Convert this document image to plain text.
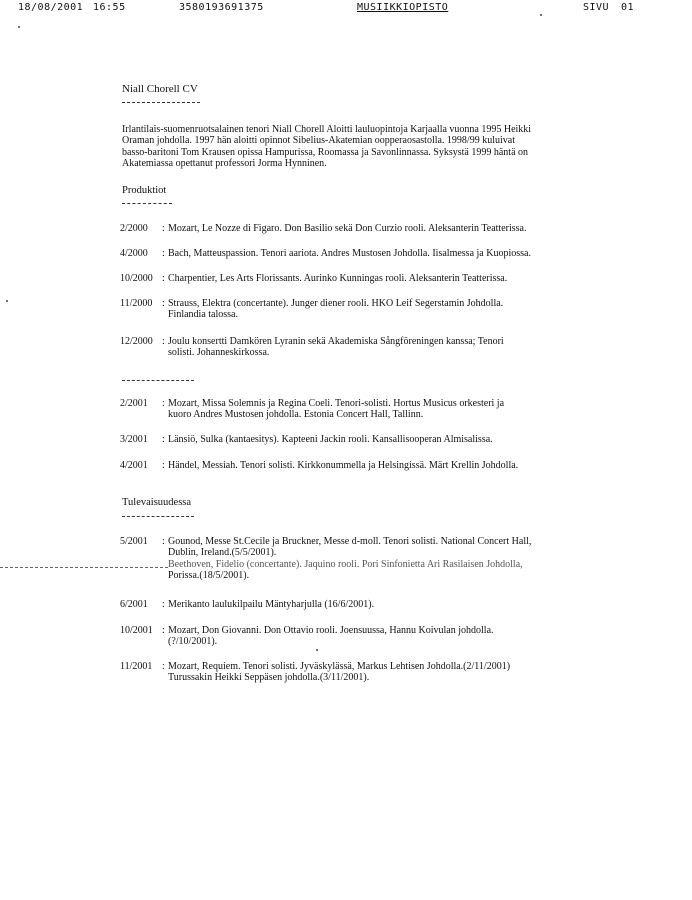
18/08/2001 16:55	3580193691375	MUSIIKKIOPISTO	SIVU 01
Niall Chorell CV
Irlantilais-suomenruotsalainen tenori Niall Chorell Aloitti lauluopintoja Karjaalla vuonna 1995 Heikki
Oraman johdolla. 1997 hän aloitti opinnot Sibelius-Akatemian oopperaosastolla. 1998/99 kuluivat
basso-baritoni Tom Krausen opissa Hampurissa, Roomassa ja Savonlinnassa. Syksystä 1999 häntä on
Akatemiassa opettanut professori Jorma Hynninen.
Produktiot
2/2000	: Mozart, Le Nozze di Figaro. Don Basilio sekä Don Curzio rooli. Aleksanterin Teatterissa.
4/2000	: Bach, Matteuspassion. Tenori aariota. Andres Mustosen Johdolla. Iisalmessa ja Kuopiossa.
10/2000 : Charpentier, Les Arts Florissants. Aurinko Kunningas rooli. Aleksanterin Teatterissa.
11/2000 : Strauss, Elektra (concertante). Junger diener rooli. HKO Leif Segerstamin Johdolla.
Finlandia talossa.
12/2000 : Joulu konsertti Damkören Lyranin sekä Akademiska Sångföreningen kanssa; Tenori
solisti. Johanneskirkossa.
2/2001	: Mozart, Missa Solemnis ja Regina Coeli. Tenori-solisti. Hortus Musicus orkesteri ja
kuoro Andres Mustosen johdolla. Estonia Concert Hall, Tallinn.
3/2001	: Länsiö, Sulka (kantaesitys). Kapteeni Jackin rooli. Kansallisooperan Almisalissa.
4/2001	: Händel, Messiah. Tenori solisti. Kirkkonummella ja Helsingissä. Märt Krellin Johdolla.
Tulevaisuudessa
5/2001	: Gounod, Messe St.Cecile ja Bruckner, Messe d-moll. Tenori solisti. National Concert Hall,
Dublin, Ireland.(5/5/2001).
Beethoven, Fidelio (concertante). Jaquino rooli. Pori Sinfonietta Ari Rasilaisen Johdolla,
Porissa.(18/5/2001).
6/2001	: Merikanto laulukilpailu Mäntyharjulla (16/6/2001).
10/2001 : Mozart, Don Giovanni. Don Ottavio rooli. Joensuussa, Hannu Koivulan johdolla.
(?/10/2001).
11/2001 : Mozart, Requiem. Tenori solisti. Jyväskylässä, Markus Lehtisen Johdolla.(2/11/2001)
Turussakin Heikki Seppäsen johdolla.(3/11/2001).
